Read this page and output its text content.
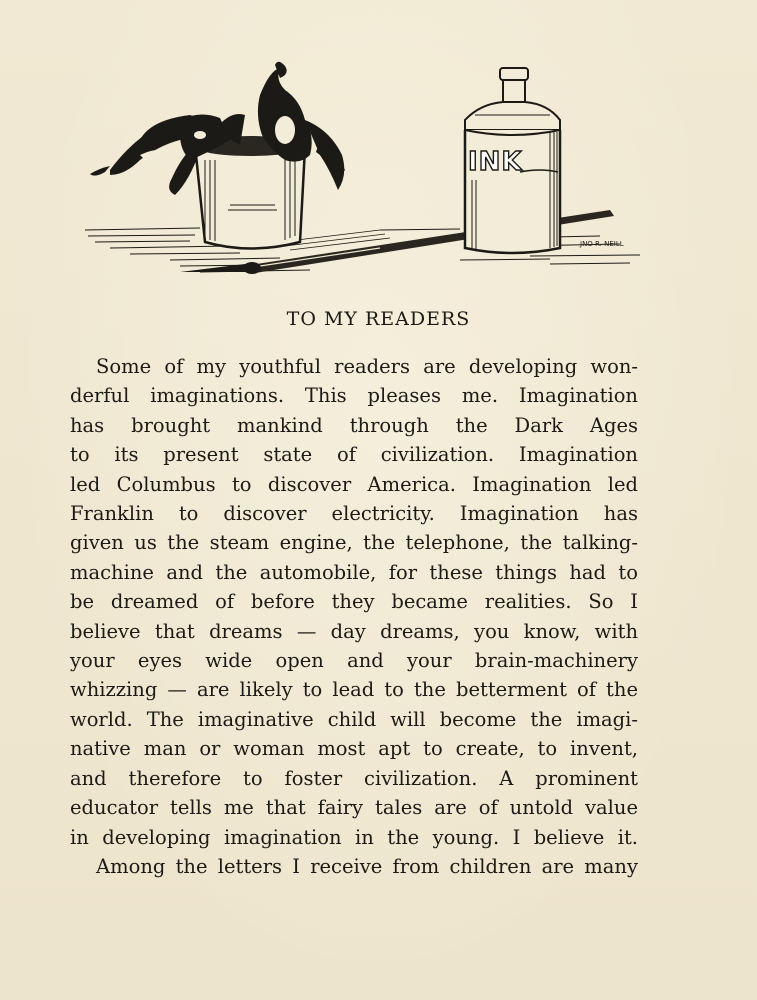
INK
JNO R. NEILL
TO MY READERS
Some of my youthful readers are developing won-
derful imaginations. This pleases me. Imagination
has brought mankind through the Dark Ages
to its present state of civilization. Imagination
led Columbus to discover America. Imagination led
Franklin to discover electricity. Imagination has
given us the steam engine, the telephone, the talking-
machine and the automobile, for these things had to
be dreamed of before they became realities. So I
believe that dreams — day dreams, you know, with
your eyes wide open and your brain-machinery
whizzing — are likely to lead to the betterment of the
world. The imaginative child will become the imagi-
native man or woman most apt to create, to invent,
and therefore to foster civilization. A prominent
educator tells me that fairy tales are of untold value
in developing imagination in the young. I believe it.
Among the letters I receive from children are many
